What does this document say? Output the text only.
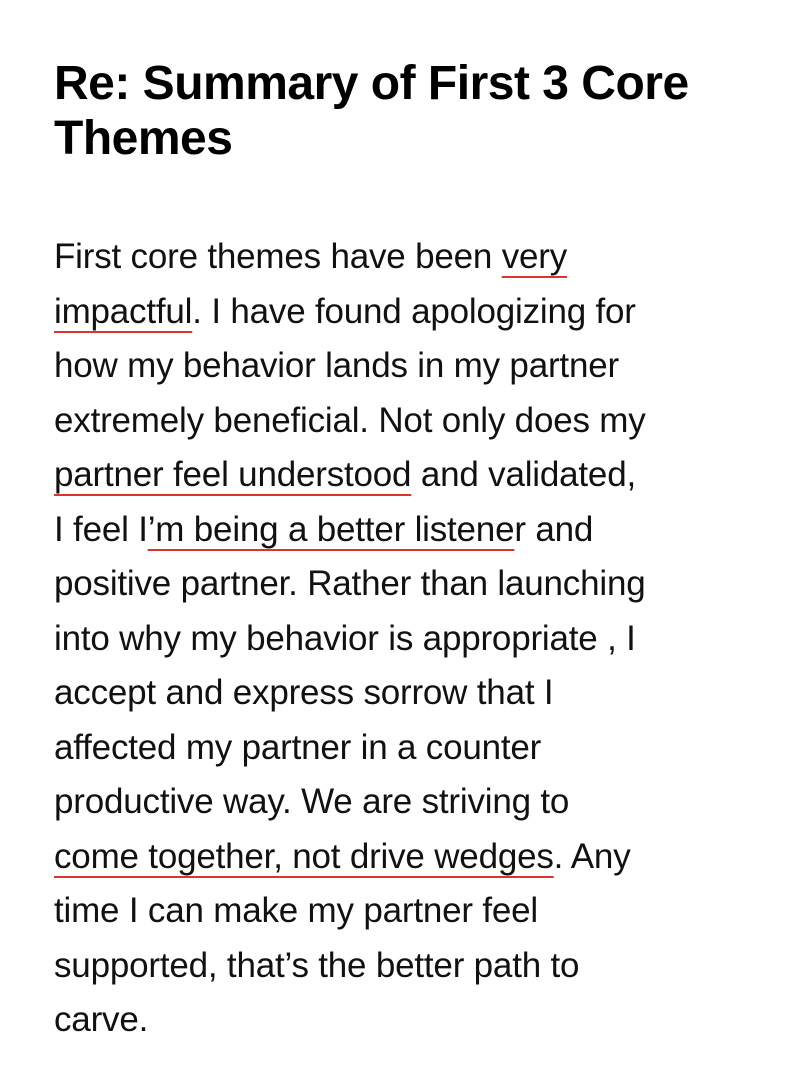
Re: Summary of First 3 Core
Themes
First core themes have been very
impactful. I have found apologizing for
how my behavior lands in my partner
extremely beneficial. Not only does my
partner feel understood and validated,
I feel I’m being a better listener and
positive partner. Rather than launching
into why my behavior is appropriate , I
accept and express sorrow that I
affected my partner in a counter
productive way. We are striving to
come together, not drive wedges. Any
time I can make my partner feel
supported, that’s the better path to
carve.
